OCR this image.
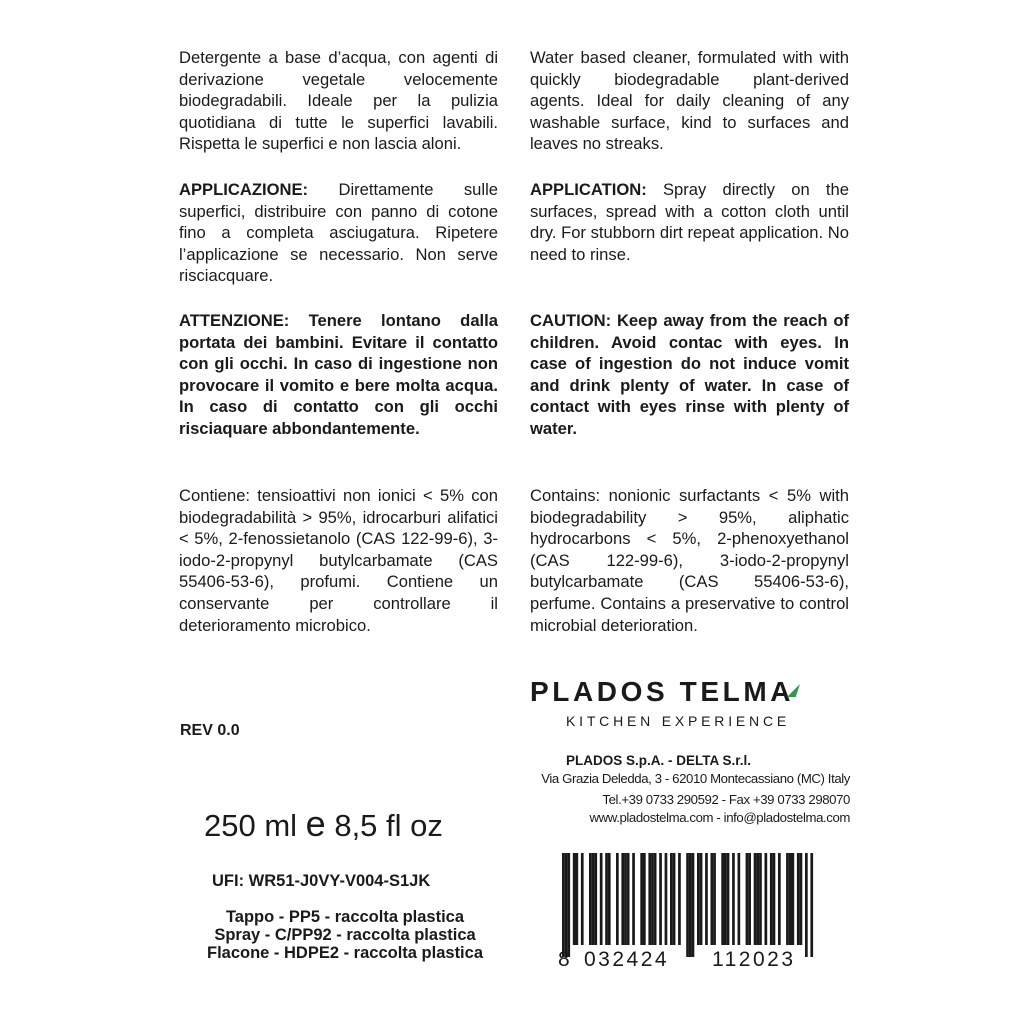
Detergente a base d’acqua, con agenti di derivazione vegetale velocemente biodegradabili. Ideale per la pulizia quotidiana di tutte le superfici lavabili. Rispetta le superfici e non lascia aloni.

APPLICAZIONE: Direttamente sulle superfici, distribuire con panno di cotone fino a completa asciugatura. Ripetere l’applicazione se necessario. Non serve risciacquare.

ATTENZIONE: Tenere lontano dalla portata dei bambini. Evitare il contatto con gli occhi. In caso di ingestione non provocare il vomito e bere molta acqua. In caso di contatto con gli occhi risciaquare abbondantemente.

Contiene: tensioattivi non ionici < 5% con biodegradabilità > 95%, idrocarburi alifatici < 5%, 2-fenossietanolo (CAS 122-99-6), 3-iodo-2-propynyl butylcarbamate (CAS 55406-53-6), profumi. Contiene un conservante per controllare il deterioramento microbico.

Water based cleaner, formulated with with quickly biodegradable plant-derived agents. Ideal for daily cleaning of any washable surface, kind to surfaces and leaves no streaks.

APPLICATION: Spray directly on the surfaces, spread with a cotton cloth until dry. For stubborn dirt repeat application. No need to rinse.

CAUTION: Keep away from the reach of children. Avoid contac with eyes. In case of ingestion do not induce vomit and drink plenty of water. In case of contact with eyes rinse with plenty of water.

Contains: nonionic surfactants < 5% with biodegradability > 95%, aliphatic hydrocarbons < 5%, 2-phenoxyethanol (CAS 122-99-6), 3-iodo-2-propynyl butylcarbamate (CAS 55406-53-6), perfume. Contains a preservative to control microbial deterioration.

REV 0.0
250 ml e 8,5 fl oz
UFI: WR51-J0VY-V004-S1JK
Tappo - PP5 - raccolta plastica
Spray - C/PP92 - raccolta plastica
Flacone - HDPE2 - raccolta plastica
PLADOS TELMA
KITCHEN EXPERIENCE
PLADOS S.p.A. - DELTA S.r.l.
Via Grazia Deledda, 3 - 62010 Montecassiano (MC) Italy
Tel.+39 0733 290592 - Fax +39 0733 298070
www.pladostelma.com - info@pladostelma.com
8 032424 112023
